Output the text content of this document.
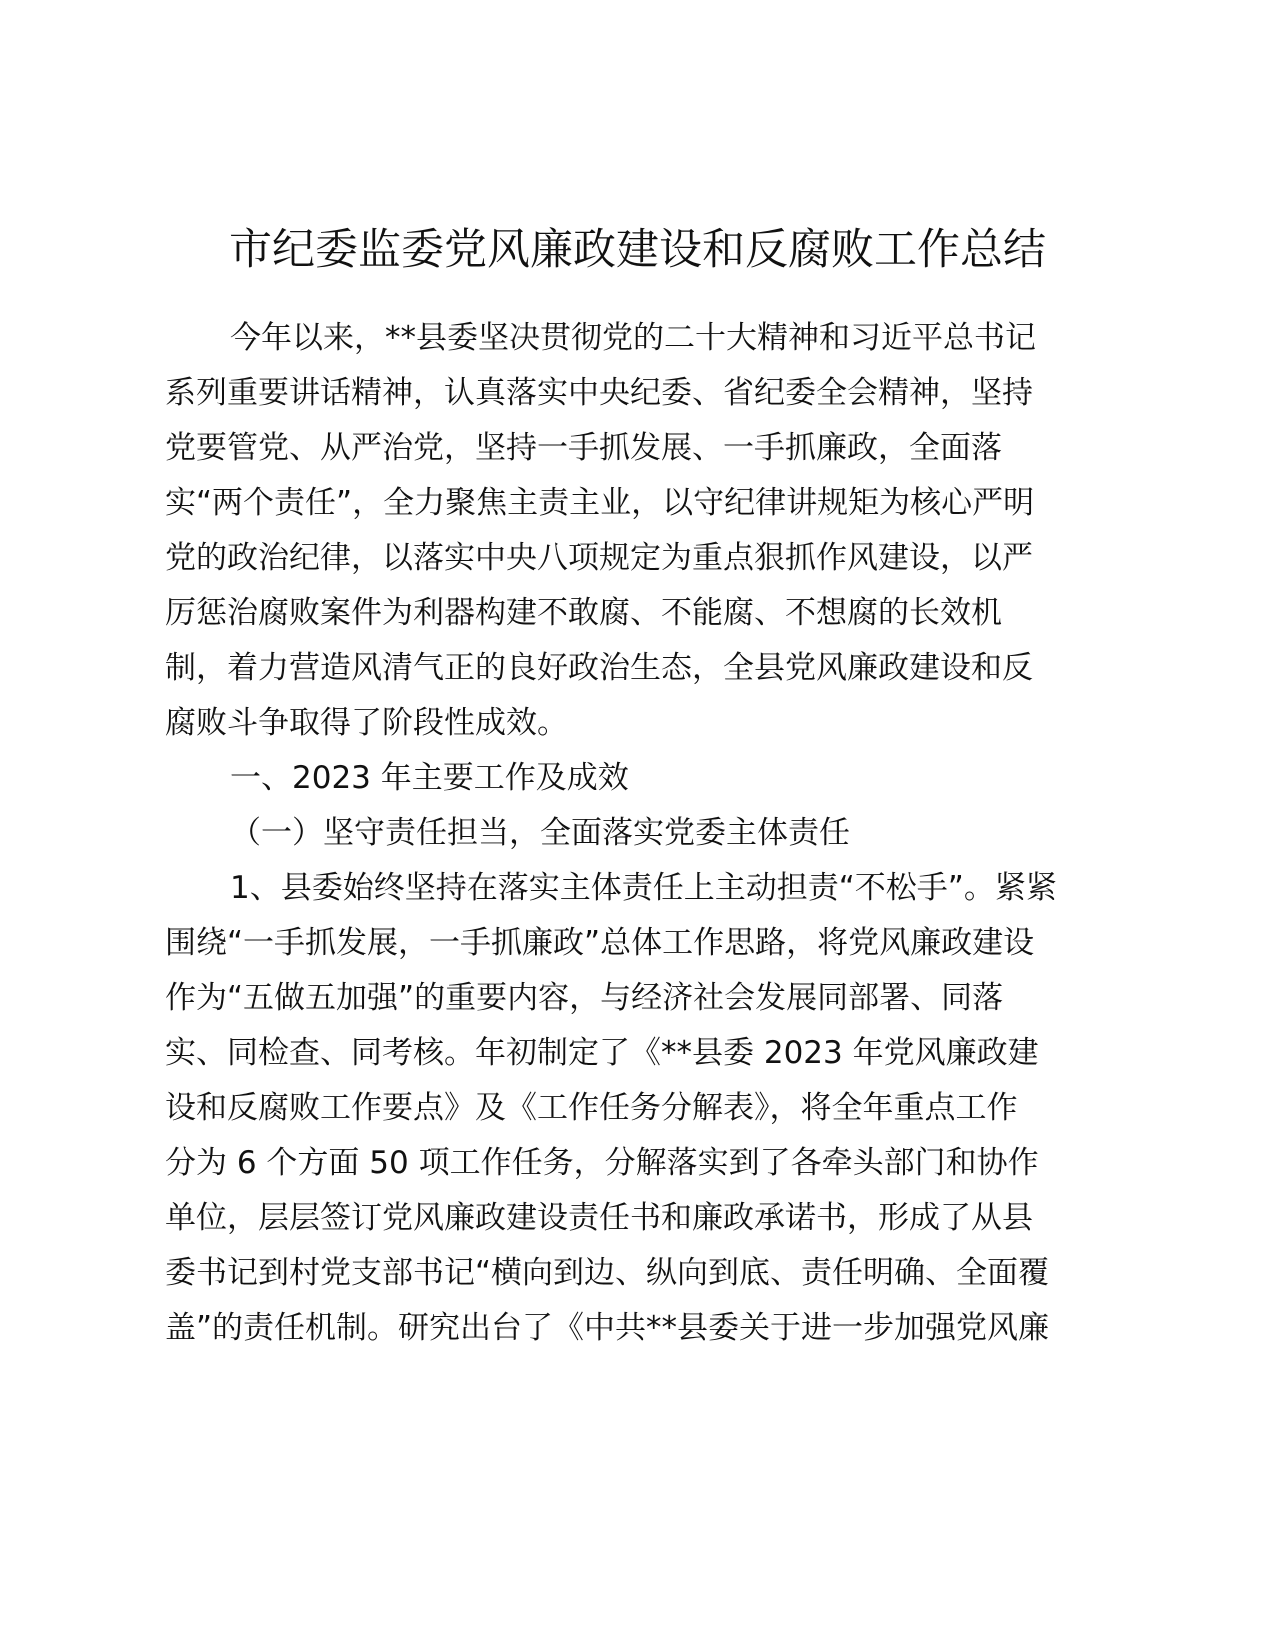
市纪委监委党风廉政建设和反腐败工作总结
今年以来，**县委坚决贯彻党的二十大精神和习近平总书记
系列重要讲话精神，认真落实中央纪委、省纪委全会精神，坚持
党要管党、从严治党，坚持一手抓发展、一手抓廉政，全面落
实“两个责任”，全力聚焦主责主业，以守纪律讲规矩为核心严明
党的政治纪律，以落实中央八项规定为重点狠抓作风建设，以严
厉惩治腐败案件为利器构建不敢腐、不能腐、不想腐的长效机
制，着力营造风清气正的良好政治生态，全县党风廉政建设和反
腐败斗争取得了阶段性成效。
一、2023 年主要工作及成效
（一）坚守责任担当，全面落实党委主体责任
1、县委始终坚持在落实主体责任上主动担责“不松手”。紧紧
围绕“一手抓发展，一手抓廉政”总体工作思路，将党风廉政建设
作为“五做五加强”的重要内容，与经济社会发展同部署、同落
实、同检查、同考核。年初制定了《**县委 2023 年党风廉政建
设和反腐败工作要点》及《工作任务分解表》，将全年重点工作
分为 6 个方面 50 项工作任务，分解落实到了各牵头部门和协作
单位，层层签订党风廉政建设责任书和廉政承诺书，形成了从县
委书记到村党支部书记“横向到边、纵向到底、责任明确、全面覆
盖”的责任机制。研究出台了《中共**县委关于进一步加强党风廉
